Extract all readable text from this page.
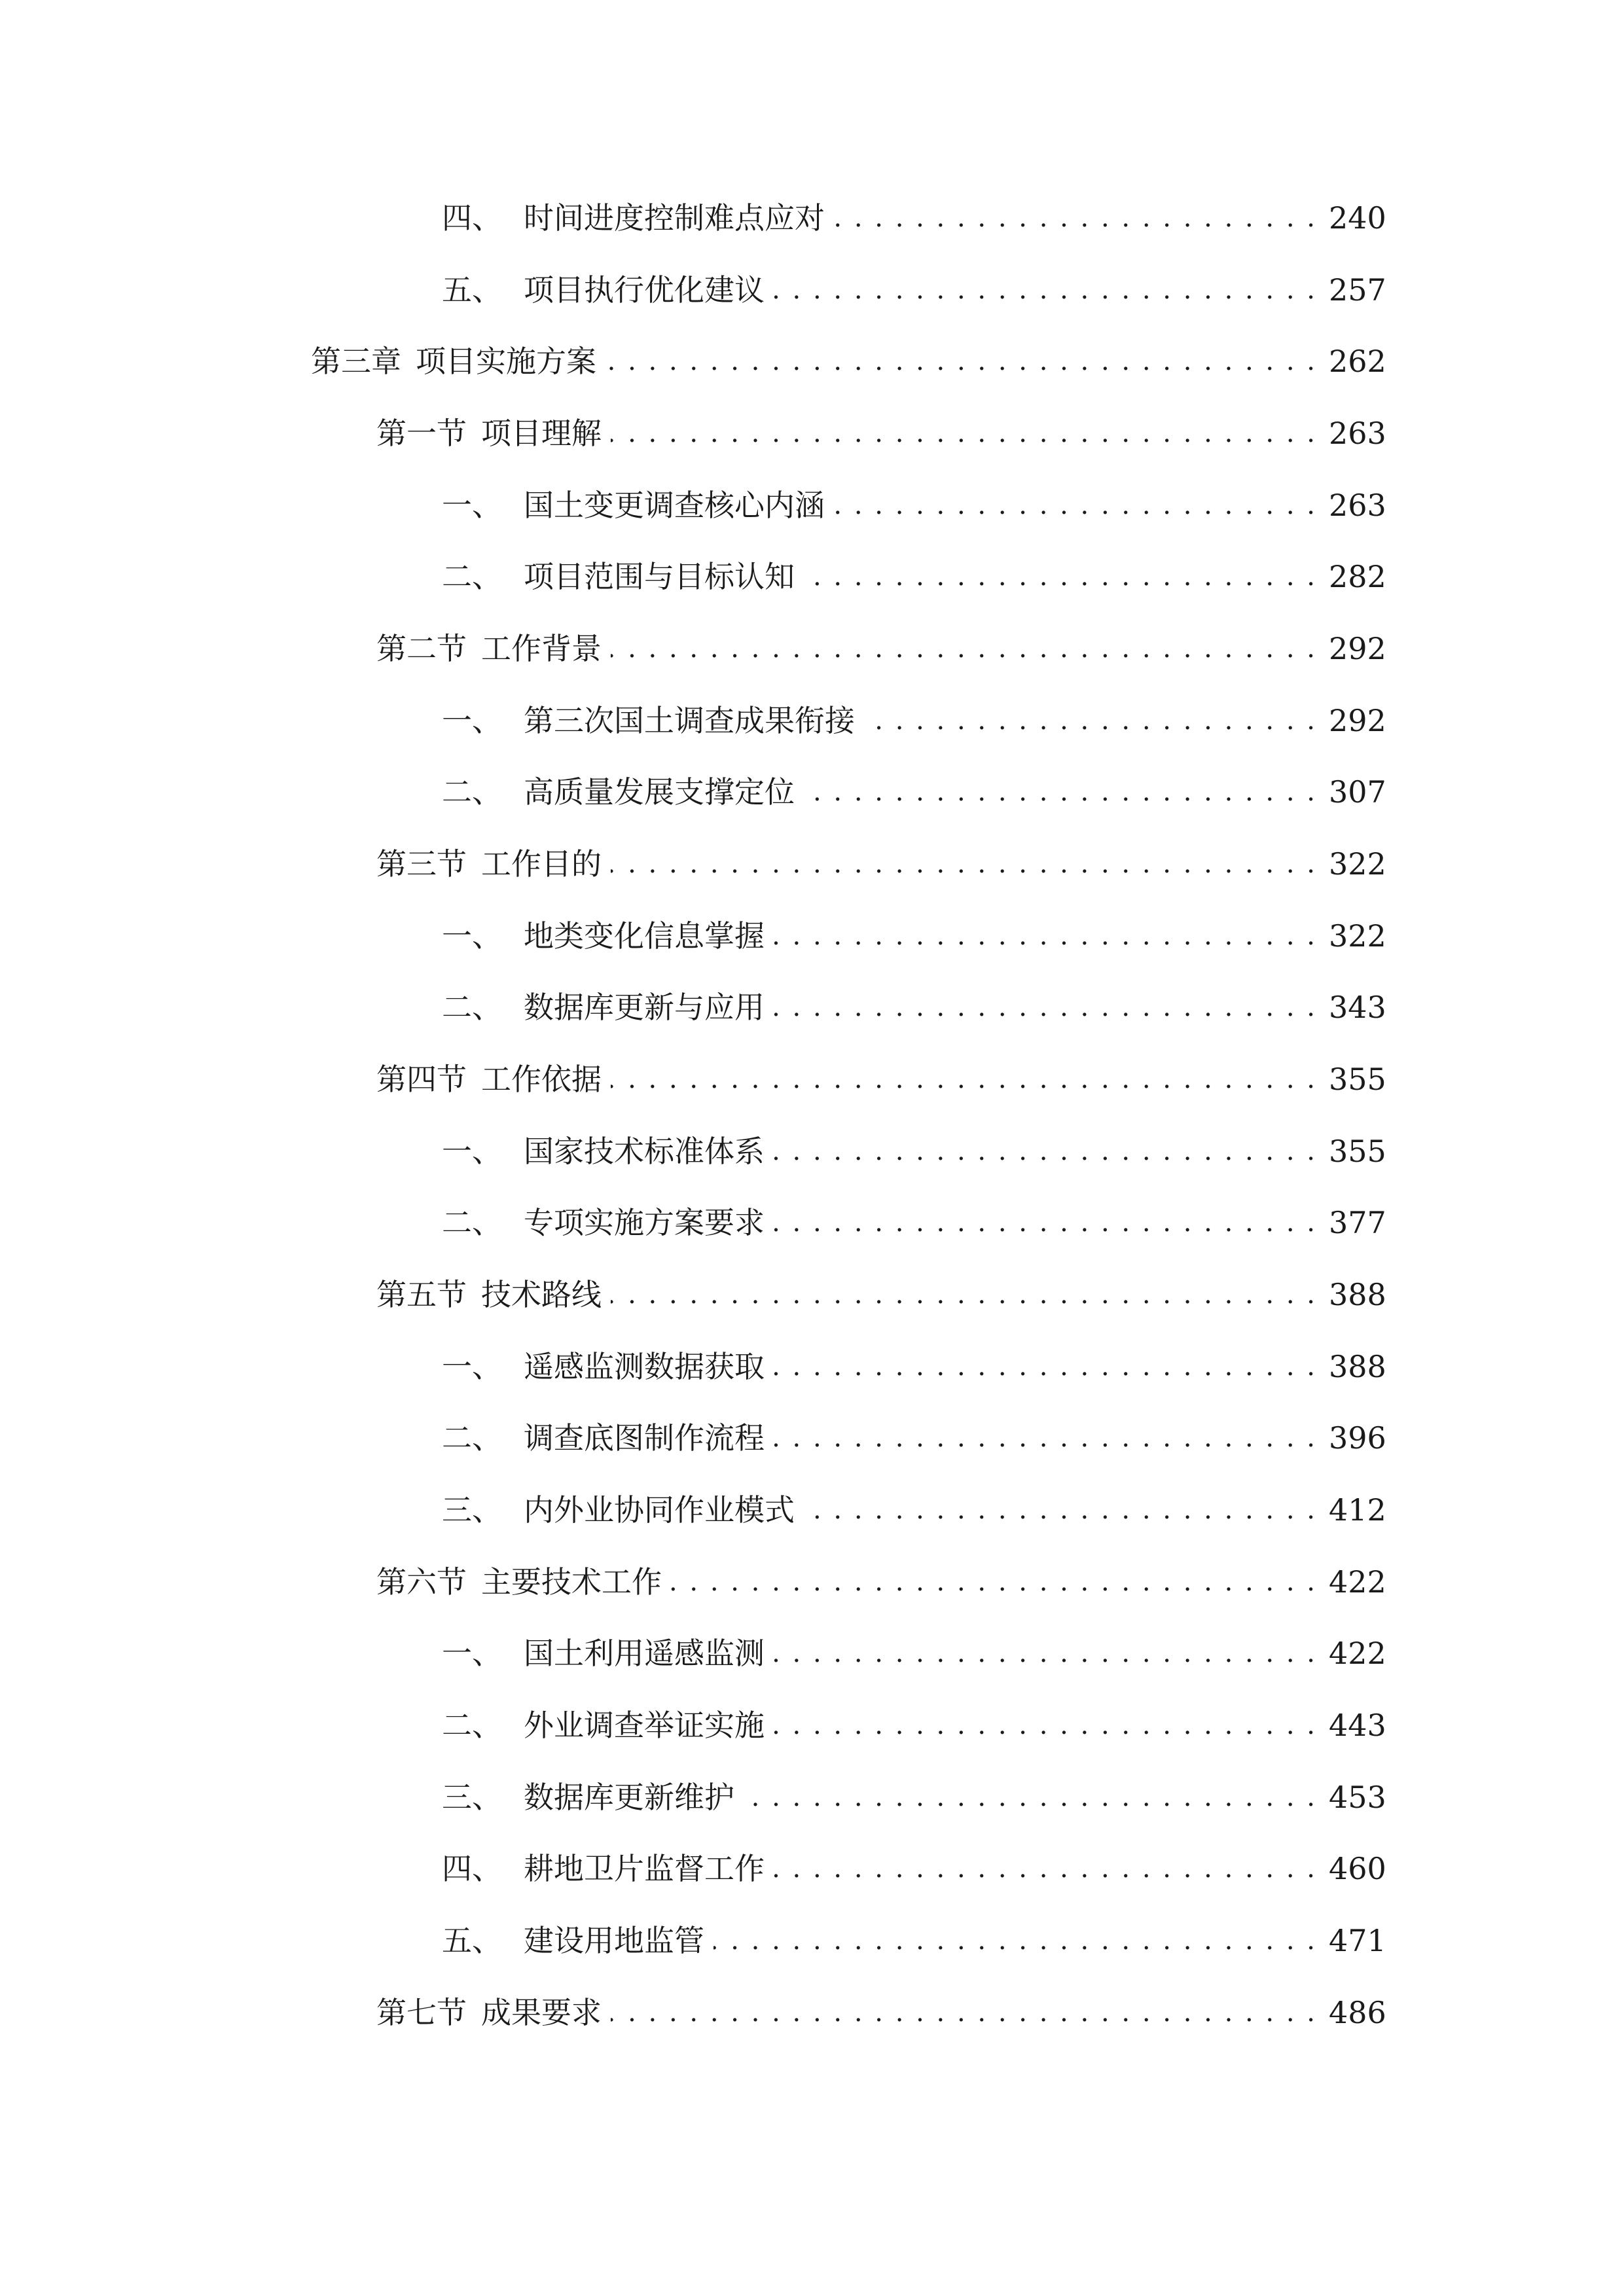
四、 时间进度控制难点应对 . . .	240
五、 项目执行优化建议 . . .	257
第三章 项目实施方案 . . .	262
第一节 项目理解 . . .	263
一、 国土变更调查核心内涵 . . .	263
二、 项目范围与目标认知 . . .	282
第二节 工作背景 . . .	292
一、 第三次国土调查成果衔接 . . .	292
二、 高质量发展支撑定位 . . .	307
第三节 工作目的 . . .	322
一、 地类变化信息掌握 . . .	322
二、 数据库更新与应用 . . .	343
第四节 工作依据 . . .	355
一、 国家技术标准体系 . . .	355
二、 专项实施方案要求 . . .	377
第五节 技术路线 . . .	388
一、 遥感监测数据获取 . . .	388
二、 调查底图制作流程 . . .	396
三、 内外业协同作业模式 . . .	412
第六节 主要技术工作 . . .	422
一、 国土利用遥感监测 . . .	422
二、 外业调查举证实施 . . .	443
三、 数据库更新维护 . . .	453
四、 耕地卫片监督工作 . . .	460
五、 建设用地监管 . . .	471
第七节 成果要求 . . .	486
